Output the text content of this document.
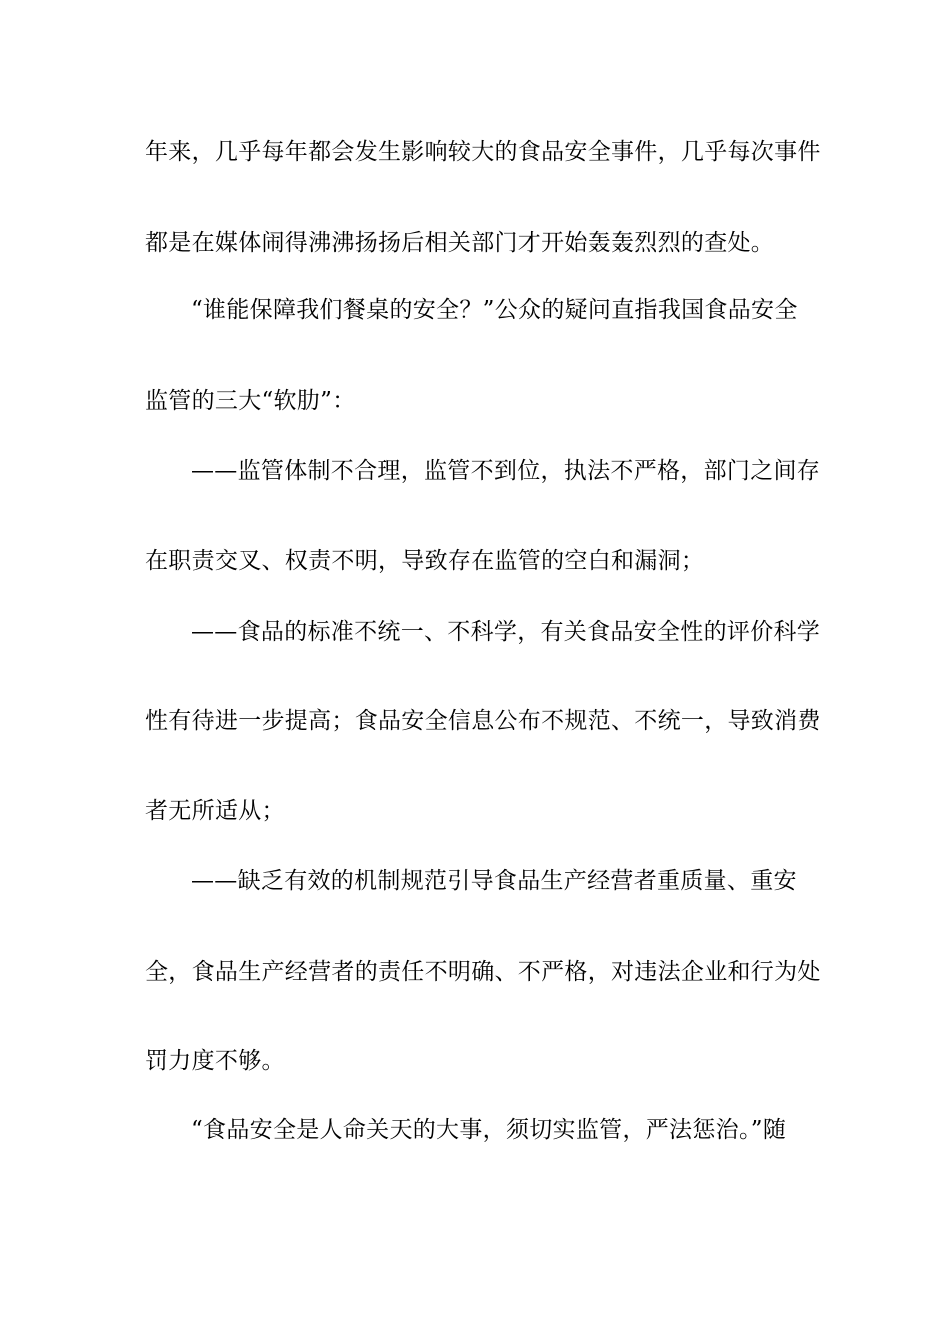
年来，几乎每年都会发生影响较大的食品安全事件，几乎每次事件
都是在媒体闹得沸沸扬扬后相关部门才开始轰轰烈烈的查处。
“谁能保障我们餐桌的安全？”公众的疑问直指我国食品安全
监管的三大“软肋”：
——监管体制不合理，监管不到位，执法不严格，部门之间存
在职责交叉、权责不明，导致存在监管的空白和漏洞；
——食品的标准不统一、不科学，有关食品安全性的评价科学
性有待进一步提高；食品安全信息公布不规范、不统一，导致消费
者无所适从；
——缺乏有效的机制规范引导食品生产经营者重质量、重安
全，食品生产经营者的责任不明确、不严格，对违法企业和行为处
罚力度不够。
“食品安全是人命关天的大事，须切实监管，严法惩治。”随
